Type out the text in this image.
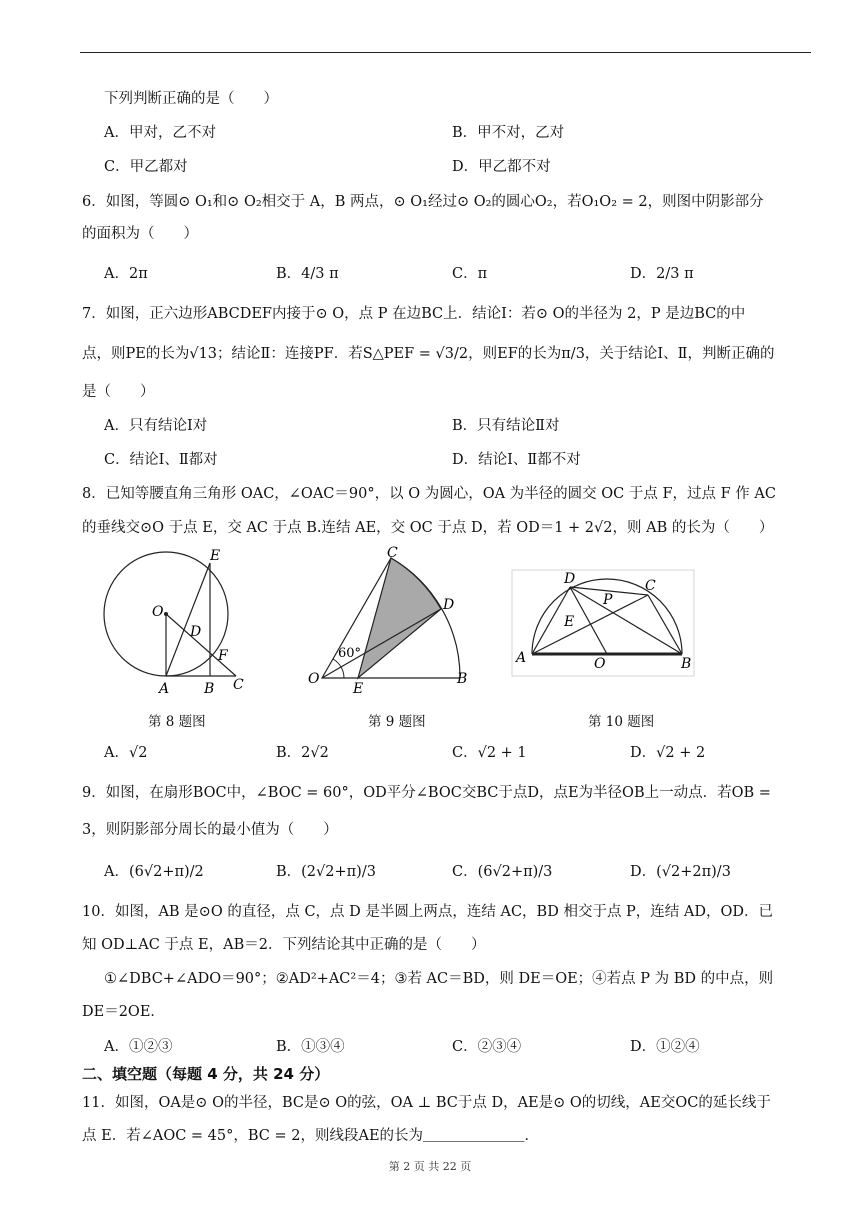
下列判断正确的是（　　）
A．甲对，乙不对	B．甲不对，乙对
C．甲乙都对	D．甲乙都不对
6．如图，等圆⊙ O₁和⊙ O₂相交于 A，B 两点，⊙ O₁经过⊙ O₂的圆心O₂，若O₁O₂ = 2，则图中阴影部分
的面积为（　　）
A．2π	B．4/3 π	C．π	D．2/3 π
7．如图，正六边形ABCDEF内接于⊙ O，点 P 在边BC上．结论Ⅰ：若⊙ O的半径为 2，P 是边BC的中
点，则PE的长为√13；结论Ⅱ：连接PF．若S△PEF = √3/2，则EF的长为π/3，关于结论Ⅰ、Ⅱ，判断正确的
是（　　）
A．只有结论Ⅰ对	B．只有结论Ⅱ对
C．结论Ⅰ、Ⅱ都对	D．结论Ⅰ、Ⅱ都不对
8．已知等腰直角三角形 OAC，∠OAC＝90°，以 O 为圆心，OA 为半径的圆交 OC 于点 F，过点 F 作 AC
的垂线交⊙O 于点 E，交 AC 于点 B.连结 AE，交 OC 于点 D，若 OD＝1 + 2√2，则 AB 的长为（　　）
O
E
D
F
A B C
60°
C
D
O
E
B
D	C
P
E
A	O	B
第 8 题图	第 9 题图	第 10 题图
A．√2	B．2√2	C．√2 + 1	D．√2 + 2
9．如图，在扇形BOC中，∠BOC = 60°，OD平分∠BOC交BC于点D，点E为半径OB上一动点．若OB =
3，则阴影部分周长的最小值为（　　）
A．(6√2+π)/2	B．(2√2+π)/3	C．(6√2+π)/3	D．(√2+2π)/3
10．如图，AB 是⊙O 的直径，点 C，点 D 是半圆上两点，连结 AC，BD 相交于点 P，连结 AD，OD．已
知 OD⊥AC 于点 E，AB＝2．下列结论其中正确的是（　　）
①∠DBC+∠ADO＝90°；②AD²+AC²＝4；③若 AC＝BD，则 DE＝OE；④若点 P 为 BD 的中点，则
DE＝2OE．
A．①②③	B．①③④	C．②③④	D．①②④
二、填空题（每题 4 分，共 24 分）
11．如图，OA是⊙ O的半径，BC是⊙ O的弦，OA ⊥ BC于点 D，AE是⊙ O的切线，AE交OC的延长线于
点 E．若∠AOC = 45°，BC = 2，则线段AE的长为＿＿＿＿＿＿＿．
第 2 页 共 22 页
